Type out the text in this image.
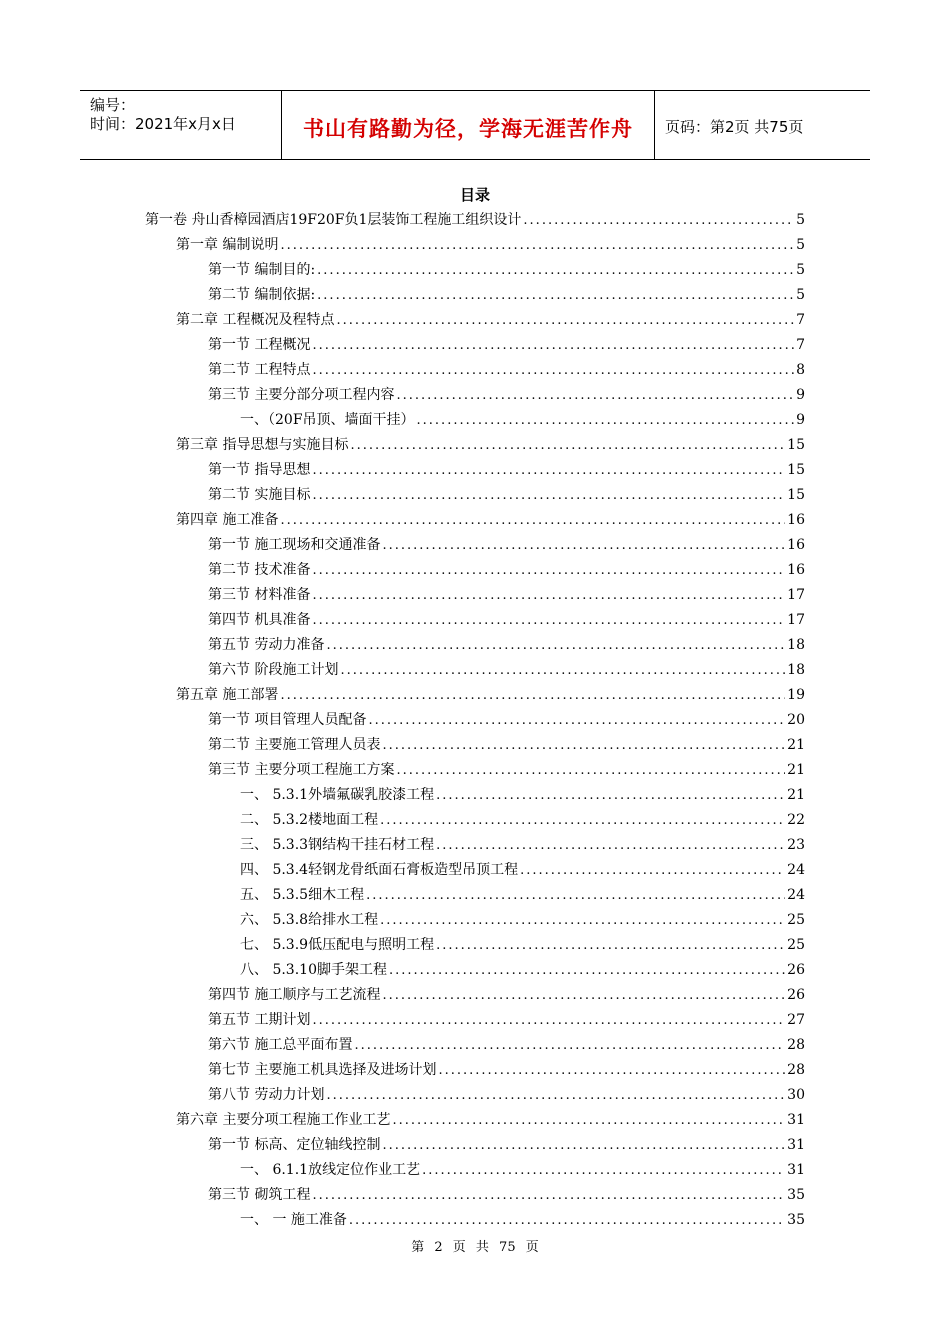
编号：
时间：2021年x月x日	书山有路勤为径，学海无涯苦作舟	页码：第2页 共75页
目录
第一卷 舟山香樟园酒店19F20F负1层装饰工程施工组织设计 .....	5
第一章 编制说明 .....	5
第一节 编制目的: .....	5
第二节 编制依据: .....	5
第二章 工程概况及程特点 .....	7
第一节 工程概况 .....	7
第二节 工程特点 .....	8
第三节 主要分部分项工程内容 .....	9
一、（20F吊顶、墙面干挂） .....	9
第三章 指导思想与实施目标 .....	15
第一节 指导思想 .....	15
第二节 实施目标 .....	15
第四章 施工准备 .....	16
第一节 施工现场和交通准备 .....	16
第二节 技术准备 .....	16
第三节 材料准备 .....	17
第四节 机具准备 .....	17
第五节 劳动力准备 .....	18
第六节 阶段施工计划 .....	18
第五章 施工部署 .....	19
第一节 项目管理人员配备 .....	20
第二节 主要施工管理人员表 .....	21
第三节 主要分项工程施工方案 .....	21
一、 5.3.1外墙氟碳乳胶漆工程 .....	21
二、 5.3.2楼地面工程 .....	22
三、 5.3.3钢结构干挂石材工程 .....	23
四、 5.3.4轻钢龙骨纸面石膏板造型吊顶工程 .....	24
五、 5.3.5细木工程 .....	24
六、 5.3.8给排水工程 .....	25
七、 5.3.9低压配电与照明工程 .....	25
八、 5.3.10脚手架工程 .....	26
第四节 施工顺序与工艺流程 .....	26
第五节 工期计划 .....	27
第六节 施工总平面布置 .....	28
第七节 主要施工机具选择及进场计划 .....	28
第八节 劳动力计划 .....	30
第六章 主要分项工程施工作业工艺 .....	31
第一节 标高、定位轴线控制 .....	31
一、 6.1.1放线定位作业工艺 .....	31
第三节 砌筑工程 .....	35
一、 一 施工准备 .....	35
第 2 页 共 75 页
